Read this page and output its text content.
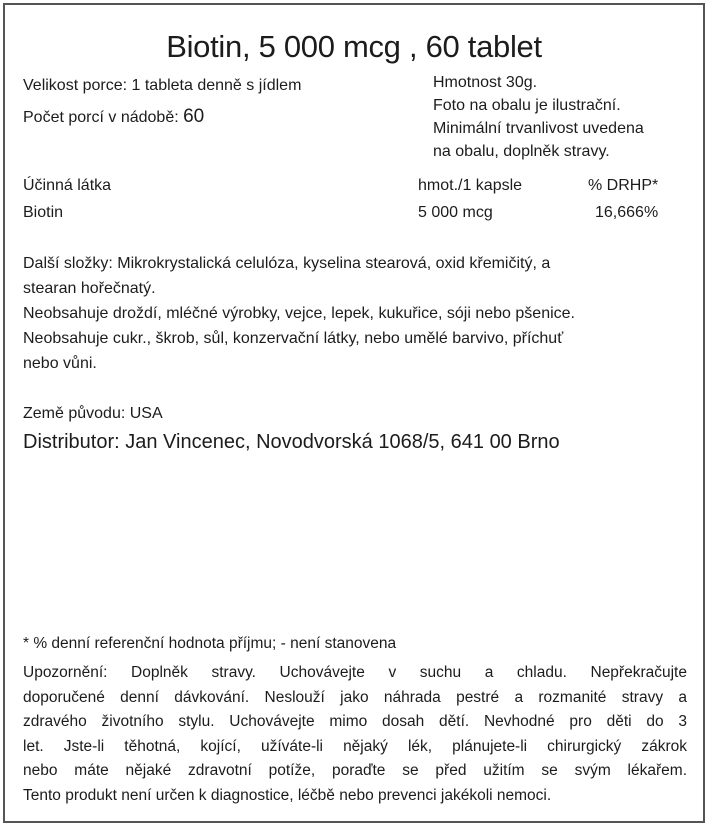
Biotin, 5 000 mcg , 60 tablet
Velikost porce: 1 tableta denně s jídlem
Počet porcí v nádobě: 60
Hmotnost 30g.
Foto na obalu je ilustrační.
Minimální trvanlivost uvedena
na obalu, doplněk stravy.
Účinná látka	hmot./1 kapsle	% DRHP*
Biotin	5 000 mcg	16,666%
Další složky: Mikrokrystalická celulóza, kyselina stearová, oxid křemičitý, a
stearan hořečnatý.
Neobsahuje droždí, mléčné výrobky, vejce, lepek, kukuřice, sóji nebo pšenice.
Neobsahuje cukr., škrob, sůl, konzervační látky, nebo umělé barvivo, příchuť
nebo vůni.
Země původu: USA
Distributor: Jan Vincenec, Novodvorská 1068/5, 641 00 Brno
* % denní referenční hodnota příjmu; - není stanovena
Upozornění: Doplněk stravy. Uchovávejte v suchu a chladu. Nepřekračujte
doporučené denní dávkování. Neslouží jako náhrada pestré a rozmanité stravy a
zdravého životního stylu. Uchovávejte mimo dosah dětí. Nevhodné pro děti do 3
let. Jste-li těhotná, kojící, užíváte-li nějaký lék, plánujete-li chirurgický zákrok
nebo máte nějaké zdravotní potíže, poraďte se před užitím se svým lékařem.
Tento produkt není určen k diagnostice, léčbě nebo prevenci jakékoli nemoci.
